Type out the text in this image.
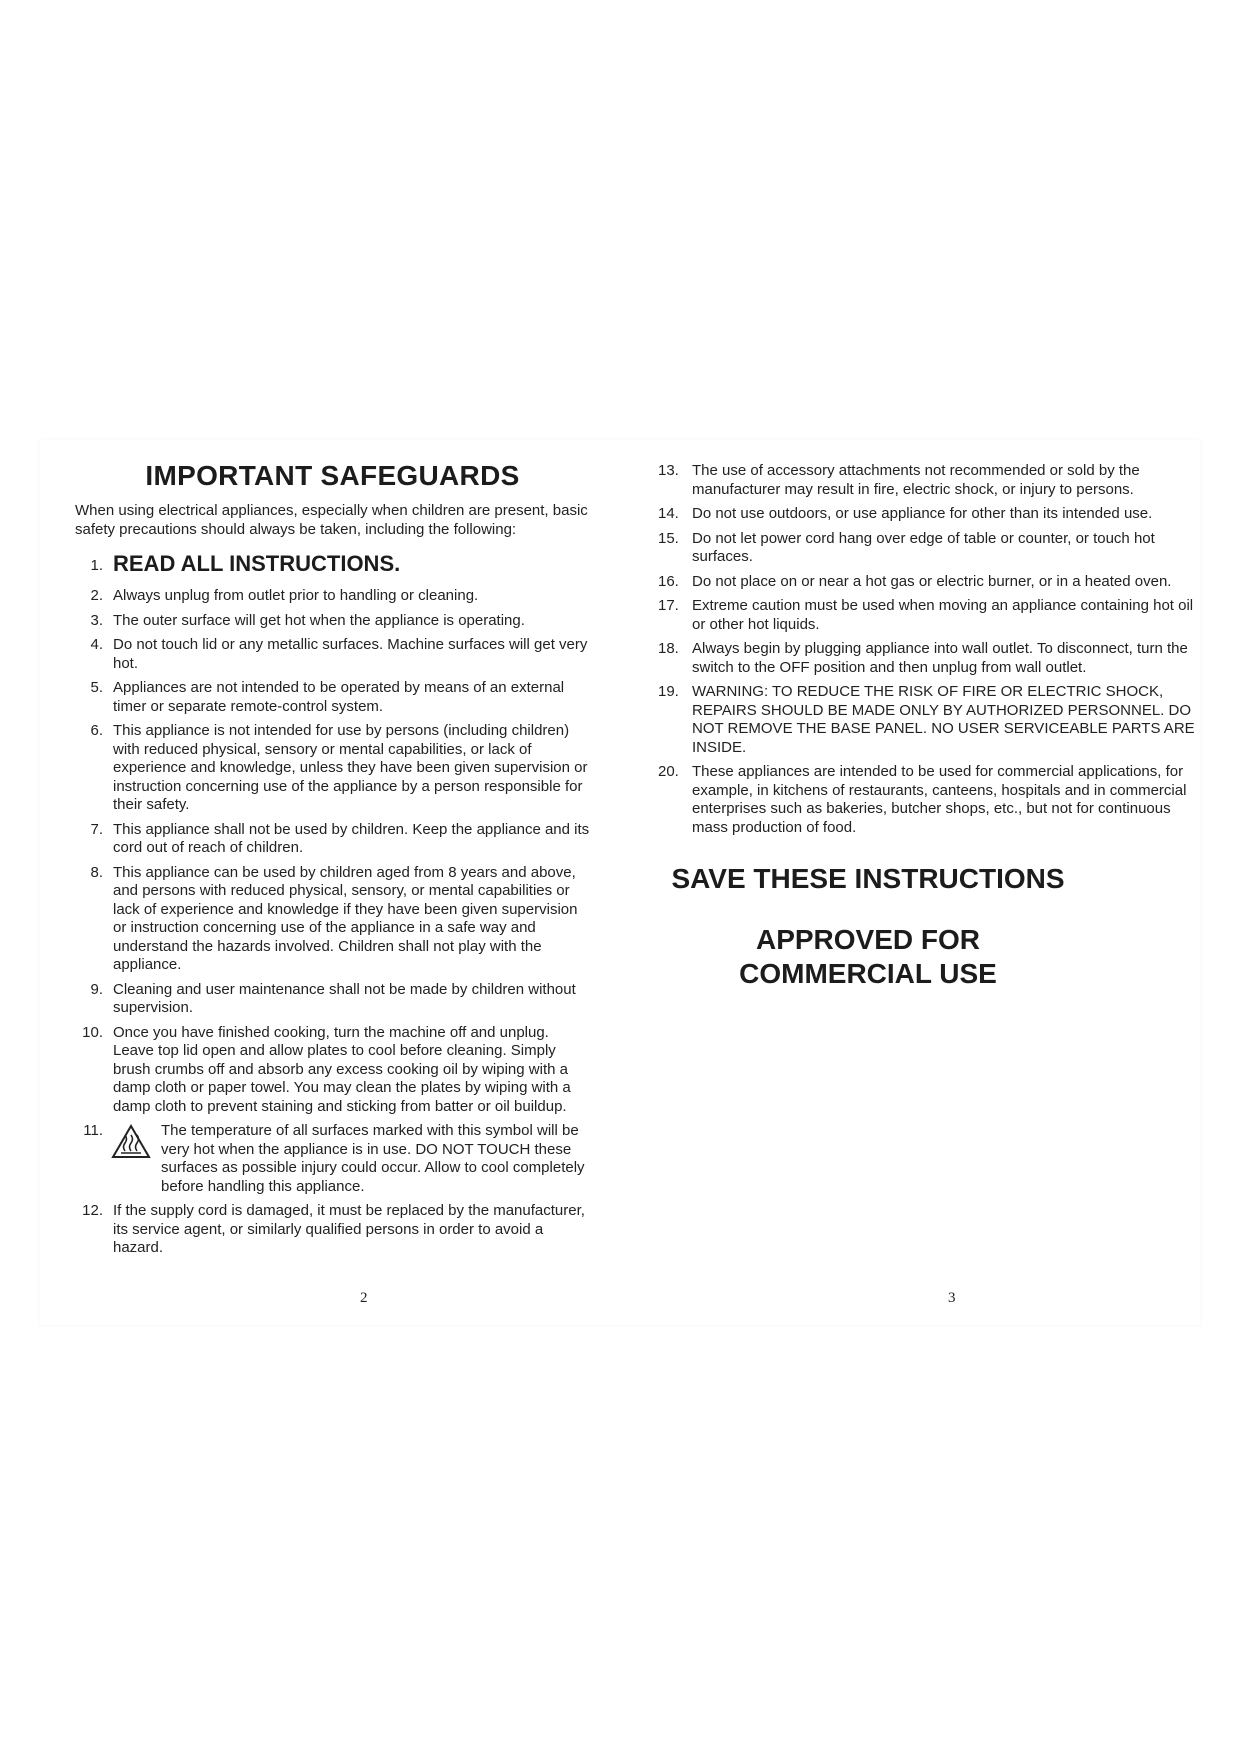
IMPORTANT SAFEGUARDS
When using electrical appliances, especially when children are present, basic safety precautions should always be taken, including the following:
1. READ ALL INSTRUCTIONS.
2. Always unplug from outlet prior to handling or cleaning.
3. The outer surface will get hot when the appliance is operating.
4. Do not touch lid or any metallic surfaces. Machine surfaces will get very hot.
5. Appliances are not intended to be operated by means of an external timer or separate remote-control system.
6. This appliance is not intended for use by persons (including children) with reduced physical, sensory or mental capabilities, or lack of experience and knowledge, unless they have been given supervision or instruction concerning use of the appliance by a person responsible for their safety.
7. This appliance shall not be used by children. Keep the appliance and its cord out of reach of children.
8. This appliance can be used by children aged from 8 years and above, and persons with reduced physical, sensory, or mental capabilities or lack of experience and knowledge if they have been given supervision or instruction concerning use of the appliance in a safe way and understand the hazards involved. Children shall not play with the appliance.
9. Cleaning and user maintenance shall not be made by children without supervision.
10. Once you have finished cooking, turn the machine off and unplug. Leave top lid open and allow plates to cool before cleaning. Simply brush crumbs off and absorb any excess cooking oil by wiping with a damp cloth or paper towel. You may clean the plates by wiping with a damp cloth to prevent staining and sticking from batter or oil buildup.
11.	The temperature of all surfaces marked with this symbol will be very hot when the appliance is in use. DO NOT TOUCH these surfaces as possible injury could occur. Allow to cool completely before handling this appliance.
12. If the supply cord is damaged, it must be replaced by the manufacturer, its service agent, or similarly qualified persons in order to avoid a hazard.
2
13. The use of accessory attachments not recommended or sold by the manufacturer may result in fire, electric shock, or injury to persons.
14. Do not use outdoors, or use appliance for other than its intended use.
15. Do not let power cord hang over edge of table or counter, or touch hot surfaces.
16. Do not place on or near a hot gas or electric burner, or in a heated oven.
17. Extreme caution must be used when moving an appliance containing hot oil or other hot liquids.
18. Always begin by plugging appliance into wall outlet. To disconnect, turn the switch to the OFF position and then unplug from wall outlet.
19. WARNING: TO REDUCE THE RISK OF FIRE OR ELECTRIC SHOCK, REPAIRS SHOULD BE MADE ONLY BY AUTHORIZED PERSONNEL. DO NOT REMOVE THE BASE PANEL. NO USER SERVICEABLE PARTS ARE INSIDE.
20. These appliances are intended to be used for commercial applications, for example, in kitchens of restaurants, canteens, hospitals and in commercial enterprises such as bakeries, butcher shops, etc., but not for continuous mass production of food.
SAVE THESE INSTRUCTIONS
APPROVED FOR
COMMERCIAL USE
3
